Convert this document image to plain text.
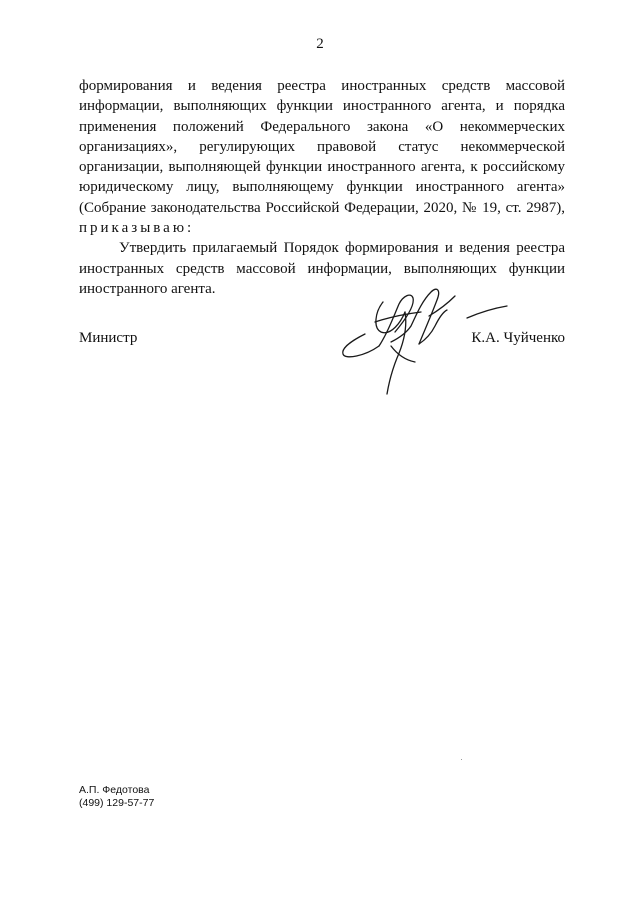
2
формирования и ведения реестра иностранных средств массовой
информации, выполняющих функции иностранного агента, и порядка
применения положений Федерального закона «О некоммерческих
организациях», регулирующих правовой статус некоммерческой
организации, выполняющей функции иностранного агента, к российскому
юридическому лицу, выполняющему функции иностранного агента»
(Собрание законодательства Российской Федерации, 2020, № 19, ст. 2987),
приказываю:
Утвердить прилагаемый Порядок формирования и ведения реестра
иностранных средств массовой информации, выполняющих функции
иностранного агента.
Министр	К.А. Чуйченко
А.П. Федотова
(499) 129-57-77
